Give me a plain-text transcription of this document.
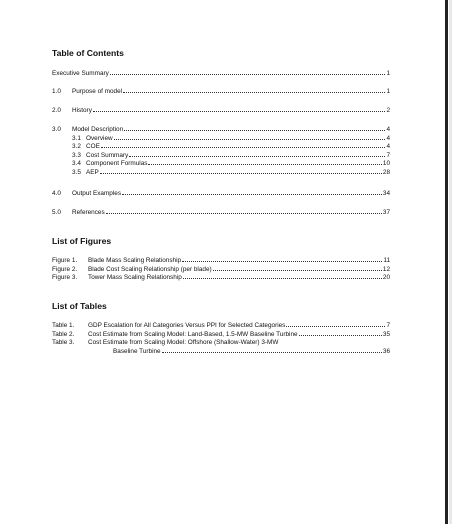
Table of Contents
Executive Summary	1
1.0 Purpose of model	1
2.0 History	2
3.0 Model Description	4
3.1 Overview	4
3.2 COE	4
3.3 Cost Summary	7
3.4 Component Formulas	10
3.5 AEP	28
4.0 Output Examples	34
5.0 References	37
List of Figures
Figure 1. Blade Mass Scaling Relationship	11
Figure 2. Blade Cost Scaling Relationship (per blade)	12
Figure 3. Tower Mass Scaling Relationship	20
List of Tables
Table 1. GDP Escalation for All Categories Versus PPI for Selected Categories	7
Table 2. Cost Estimate from Scaling Model: Land-Based, 1.5-MW Baseline Turbine	35
Table 3. Cost Estimate from Scaling Model: Offshore (Shallow-Water) 3-MW
Baseline Turbine	36
